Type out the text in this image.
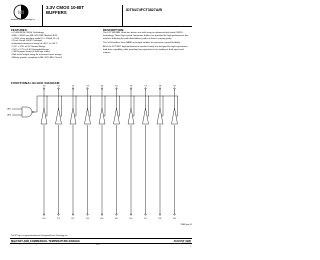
idt
Integrated Device Technology, Inc.
3.3V CMOS 10-BIT
BUFFERS	IDT54/74FCT3827A/B
FEATURES:
• 0.5 MICRON CMOS Technology
• ESD > 2000V per MIL-STD-883, Method 3015
• > 200V using machine model (C = 200pF, R = 0)
• 25 mil Center SSOP Packages
• Extended commercial range of -40°C to +85°C
• VCC = 3.3V ±0.3V, Normal Range
• VCC = 2.7V to 3.6V, Extended Range
• CMOS power levels (0.4μW typ. static)
• Rail-to-rail output swing for increased noise margin
• Military product compliant to MIL-STD-883, Class B
DESCRIPTION:

The FCT3827A/B 10-bit bus drivers are built using an advanced dual metal CMOS technology. These high-speed, low-power buffers are provided for high-performance bus interface buffering for wide data/address paths or buses carrying parity.

The 10-bit buffers have NAND-ed output enables for maximum control flexibility.

All of the FCT3827 high-performance interface family are designed for high-capacitance load drive capability, while providing low-capacitance bus loading at both inputs and outputs.

FUNCTIONAL BLOCK DIAGRAM
OE1
OE2
D0
Y0
D1
Y1
D2
Y2
D3
Y3
D4
Y4
D5
Y5
D6
Y6
D7
Y7
D8
Y8
D9
Y9
2863 drw 01
The IDT logo is a registered trademark of Integrated Device Technology, Inc.
MILITARY AND COMMERCIAL TEMPERATURE RANGES	AUGUST 1995
©1995 Integrated Device Technology, Inc.	6.15	DSC-4062/1
1
